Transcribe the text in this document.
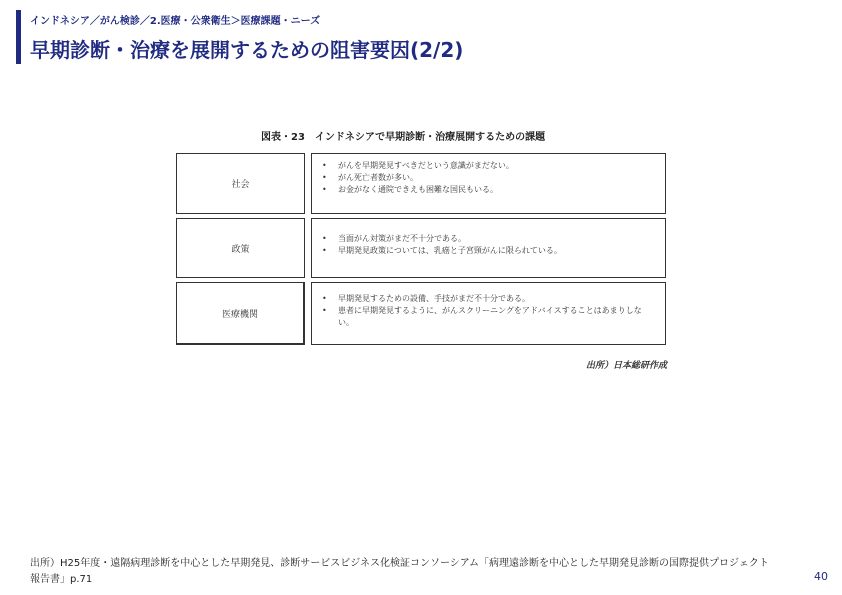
インドネシア／がん検診／2.医療・公衆衛生＞医療課題・ニーズ
早期診断・治療を展開するための阻害要因(2/2)
図表・23　インドネシアで早期診断・治療展開するための課題
社会
• がんを早期発見すべきだという意識がまだない。
• がん死亡者数が多い。
• お金がなく通院できえも困難な国民もいる。
政策
• 当面がん対策がまだ不十分である。
• 早期発見政策については、乳癌と子宮頸がんに限られている。
医療機関
• 早期発見するための設備、手技がまだ不十分である。
• 患者に早期発見するように、がんスクリーニングをアドバイスすることはあまりしない。
出所）日本総研作成
出所）H25年度・遠隔病理診断を中心とした早期発見、診断サービスビジネス化検証コンソーシアム「病理遠診断を中心とした早期発見診断の国際提供プロジェクト報告書」p.71	40
